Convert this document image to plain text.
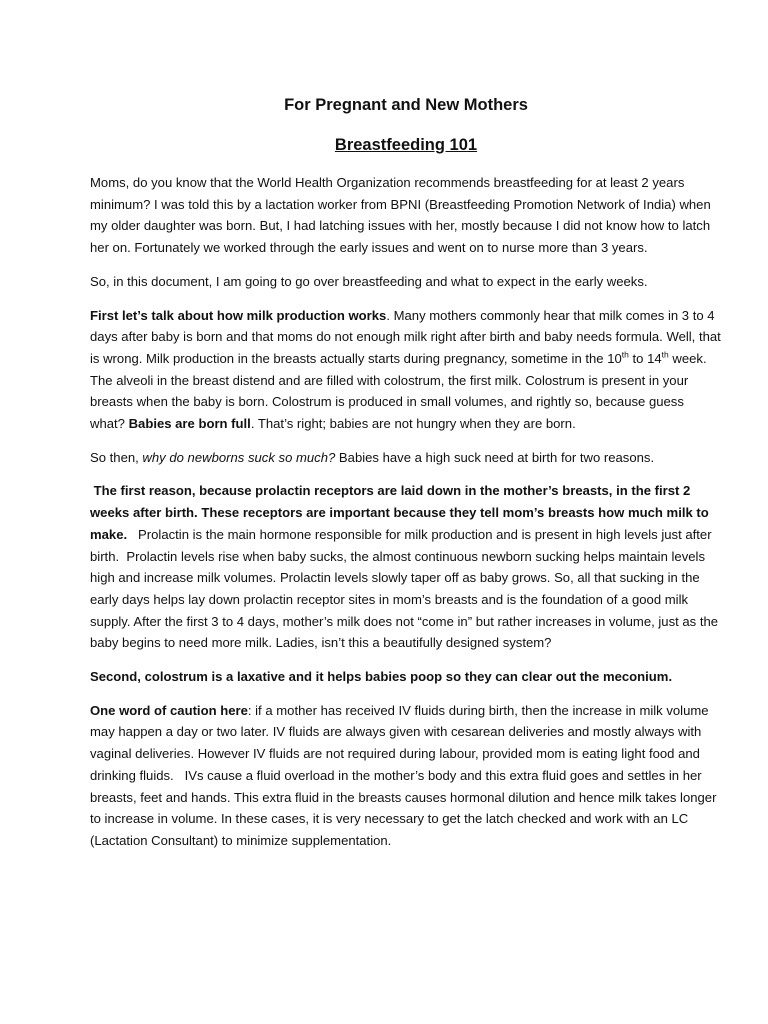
For Pregnant and New Mothers
Breastfeeding 101

Moms, do you know that the World Health Organization recommends breastfeeding for at least 2 years minimum? I was told this by a lactation worker from BPNI (Breastfeeding Promotion Network of India) when my older daughter was born. But, I had latching issues with her, mostly because I did not know how to latch her on. Fortunately we worked through the early issues and went on to nurse more than 3 years.

So, in this document, I am going to go over breastfeeding and what to expect in the early weeks.

First let’s talk about how milk production works. Many mothers commonly hear that milk comes in 3 to 4 days after baby is born and that moms do not enough milk right after birth and baby needs formula. Well, that is wrong. Milk production in the breasts actually starts during pregnancy, sometime in the 10th to 14th week. The alveoli in the breast distend and are filled with colostrum, the first milk. Colostrum is present in your breasts when the baby is born. Colostrum is produced in small volumes, and rightly so, because guess what? Babies are born full. That’s right; babies are not hungry when they are born.

So then, why do newborns suck so much? Babies have a high suck need at birth for two reasons.

The first reason, because prolactin receptors are laid down in the mother’s breasts, in the first 2 weeks after birth. These receptors are important because they tell mom’s breasts how much milk to make.   Prolactin is the main hormone responsible for milk production and is present in high levels just after birth.  Prolactin levels rise when baby sucks, the almost continuous newborn sucking helps maintain levels high and increase milk volumes. Prolactin levels slowly taper off as baby grows. So, all that sucking in the early days helps lay down prolactin receptor sites in mom’s breasts and is the foundation of a good milk supply. After the first 3 to 4 days, mother’s milk does not “come in” but rather increases in volume, just as the baby begins to need more milk. Ladies, isn’t this a beautifully designed system?

Second, colostrum is a laxative and it helps babies poop so they can clear out the meconium.

One word of caution here: if a mother has received IV fluids during birth, then the increase in milk volume may happen a day or two later. IV fluids are always given with cesarean deliveries and mostly always with vaginal deliveries. However IV fluids are not required during labour, provided mom is eating light food and drinking fluids.   IVs cause a fluid overload in the mother’s body and this extra fluid goes and settles in her breasts, feet and hands. This extra fluid in the breasts causes hormonal dilution and hence milk takes longer to increase in volume. In these cases, it is very necessary to get the latch checked and work with an LC (Lactation Consultant) to minimize supplementation.
